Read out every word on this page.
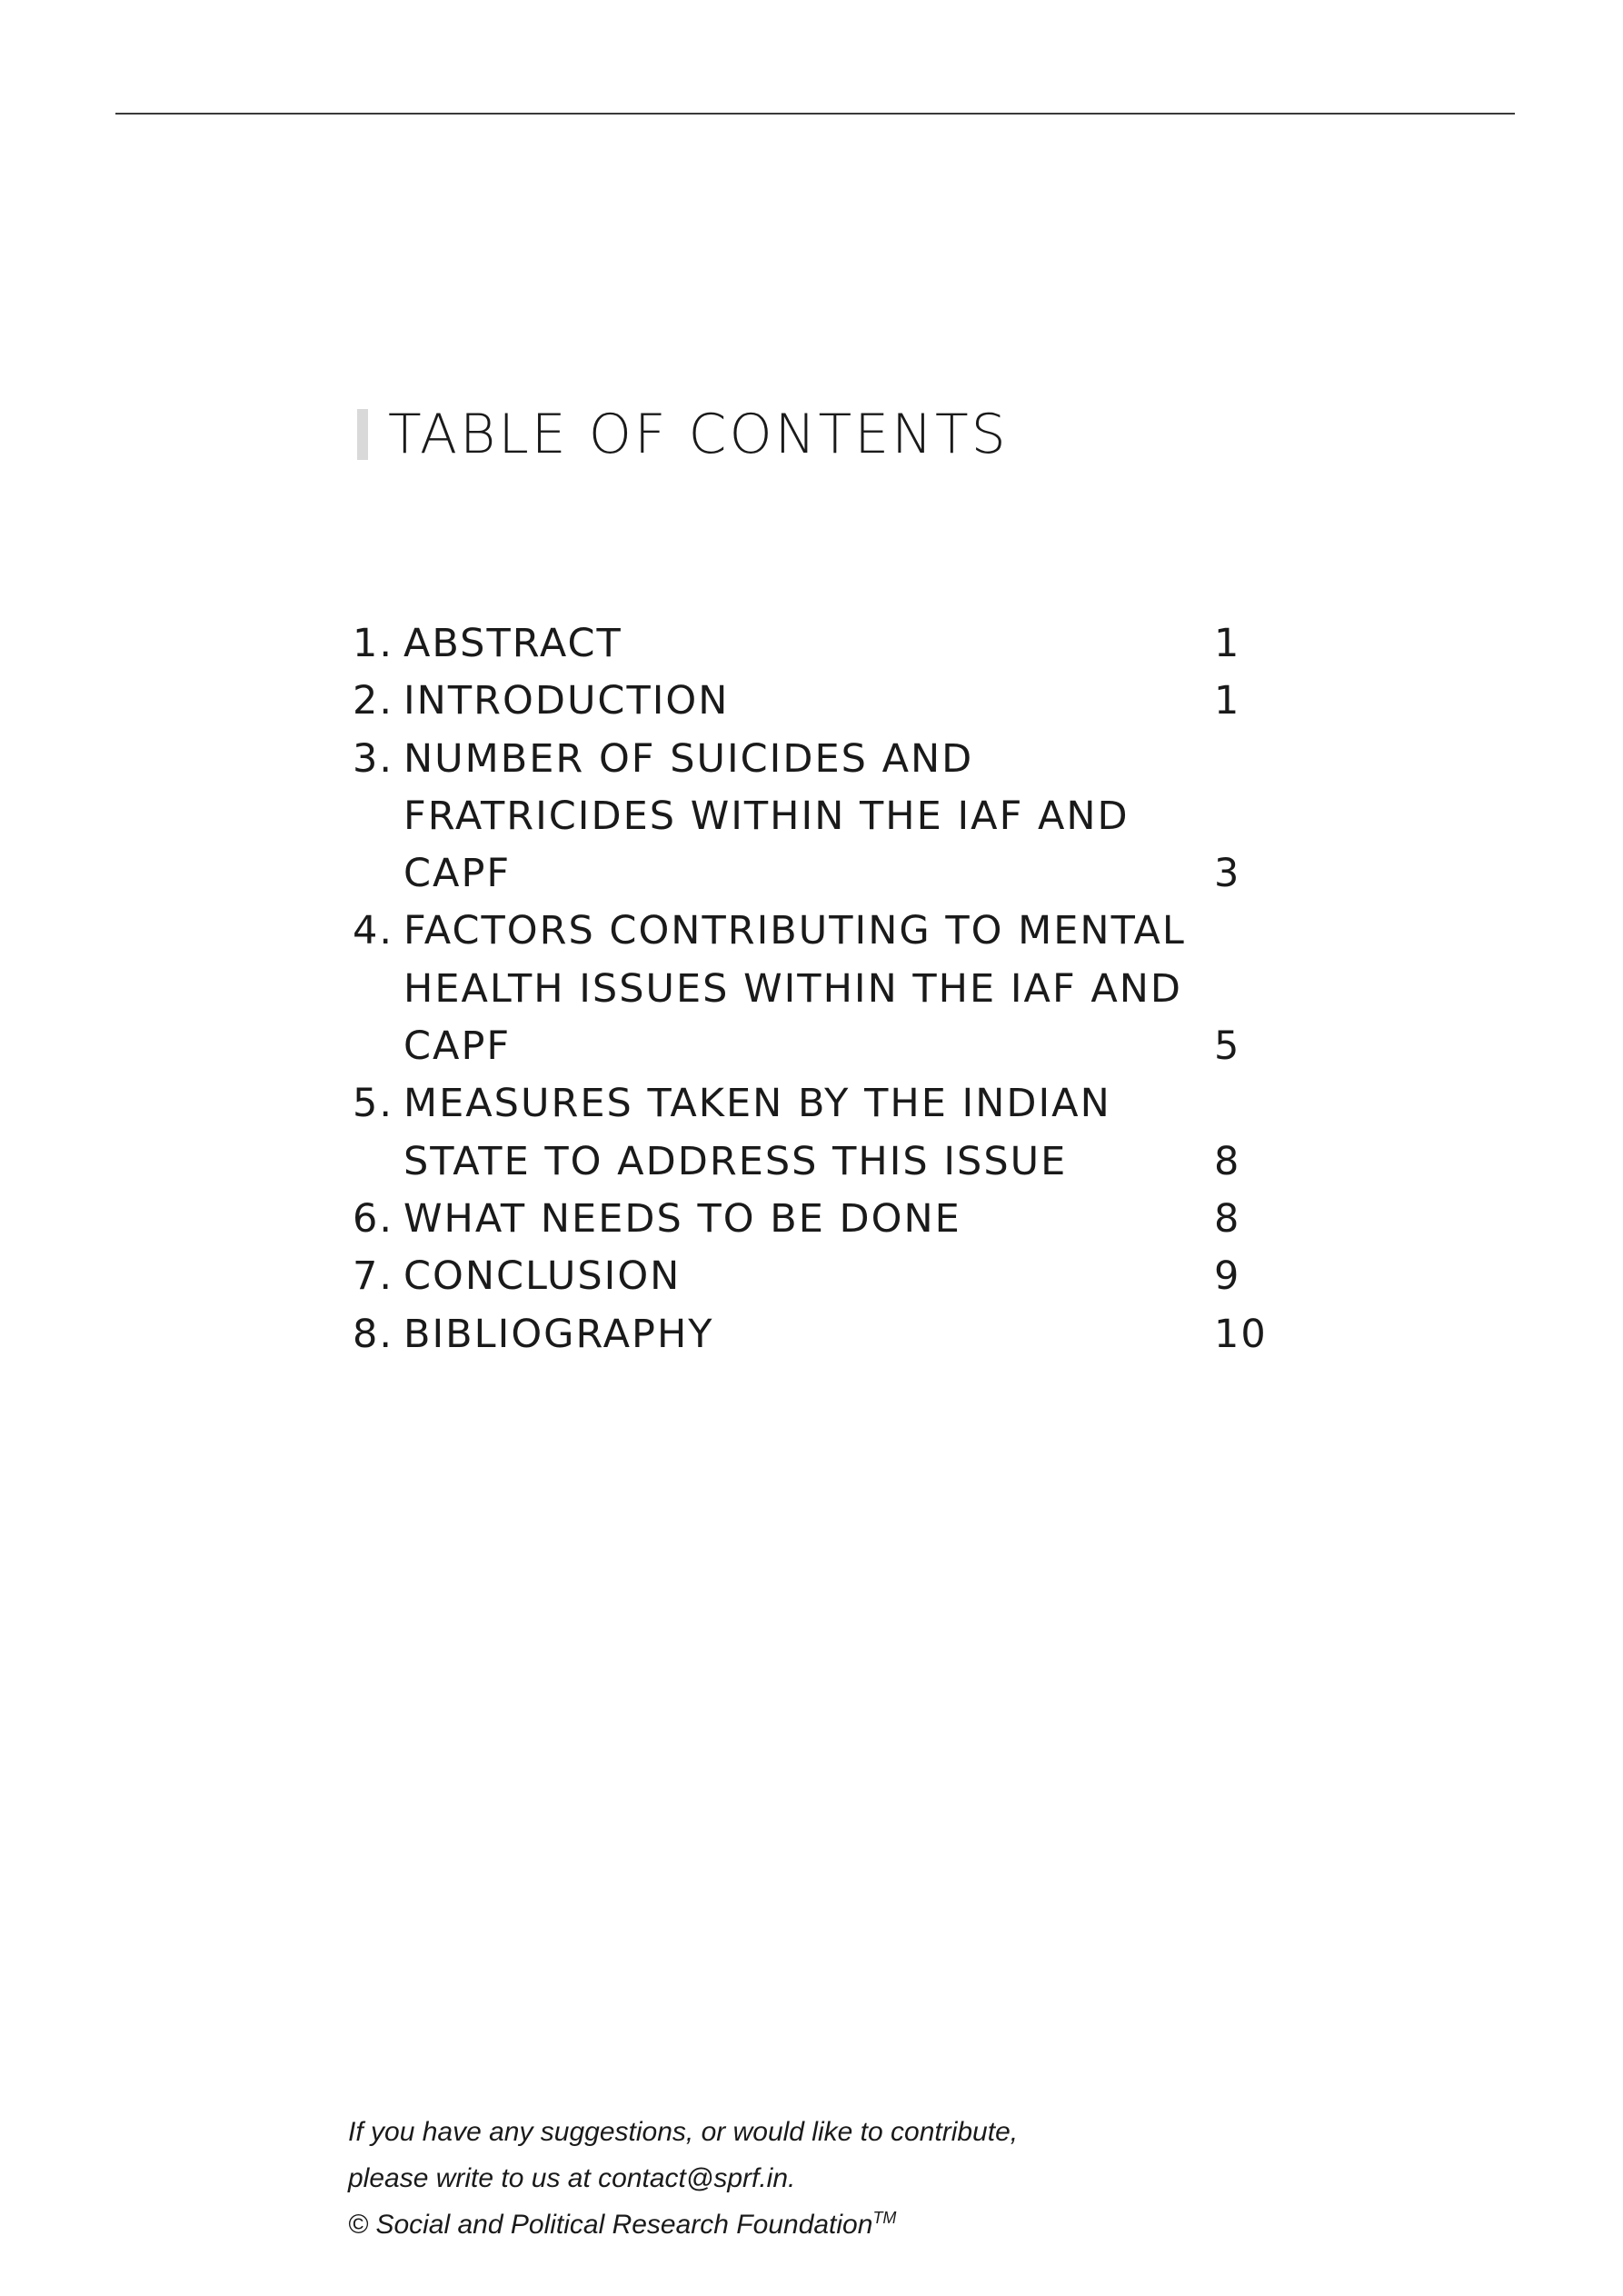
TABLE OF CONTENTS
1. ABSTRACT	1
2. INTRODUCTION	1
3. NUMBER OF SUICIDES AND
FRATRICIDES WITHIN THE IAF AND
CAPF	3
4. FACTORS CONTRIBUTING TO MENTAL
HEALTH ISSUES WITHIN THE IAF AND
CAPF	5
5. MEASURES TAKEN BY THE INDIAN
STATE TO ADDRESS THIS ISSUE	8
6. WHAT NEEDS TO BE DONE	8
7. CONCLUSION	9
8. BIBLIOGRAPHY	10
If you have any suggestions, or would like to contribute,
please write to us at contact@sprf.in.
© Social and Political Research Foundation™
